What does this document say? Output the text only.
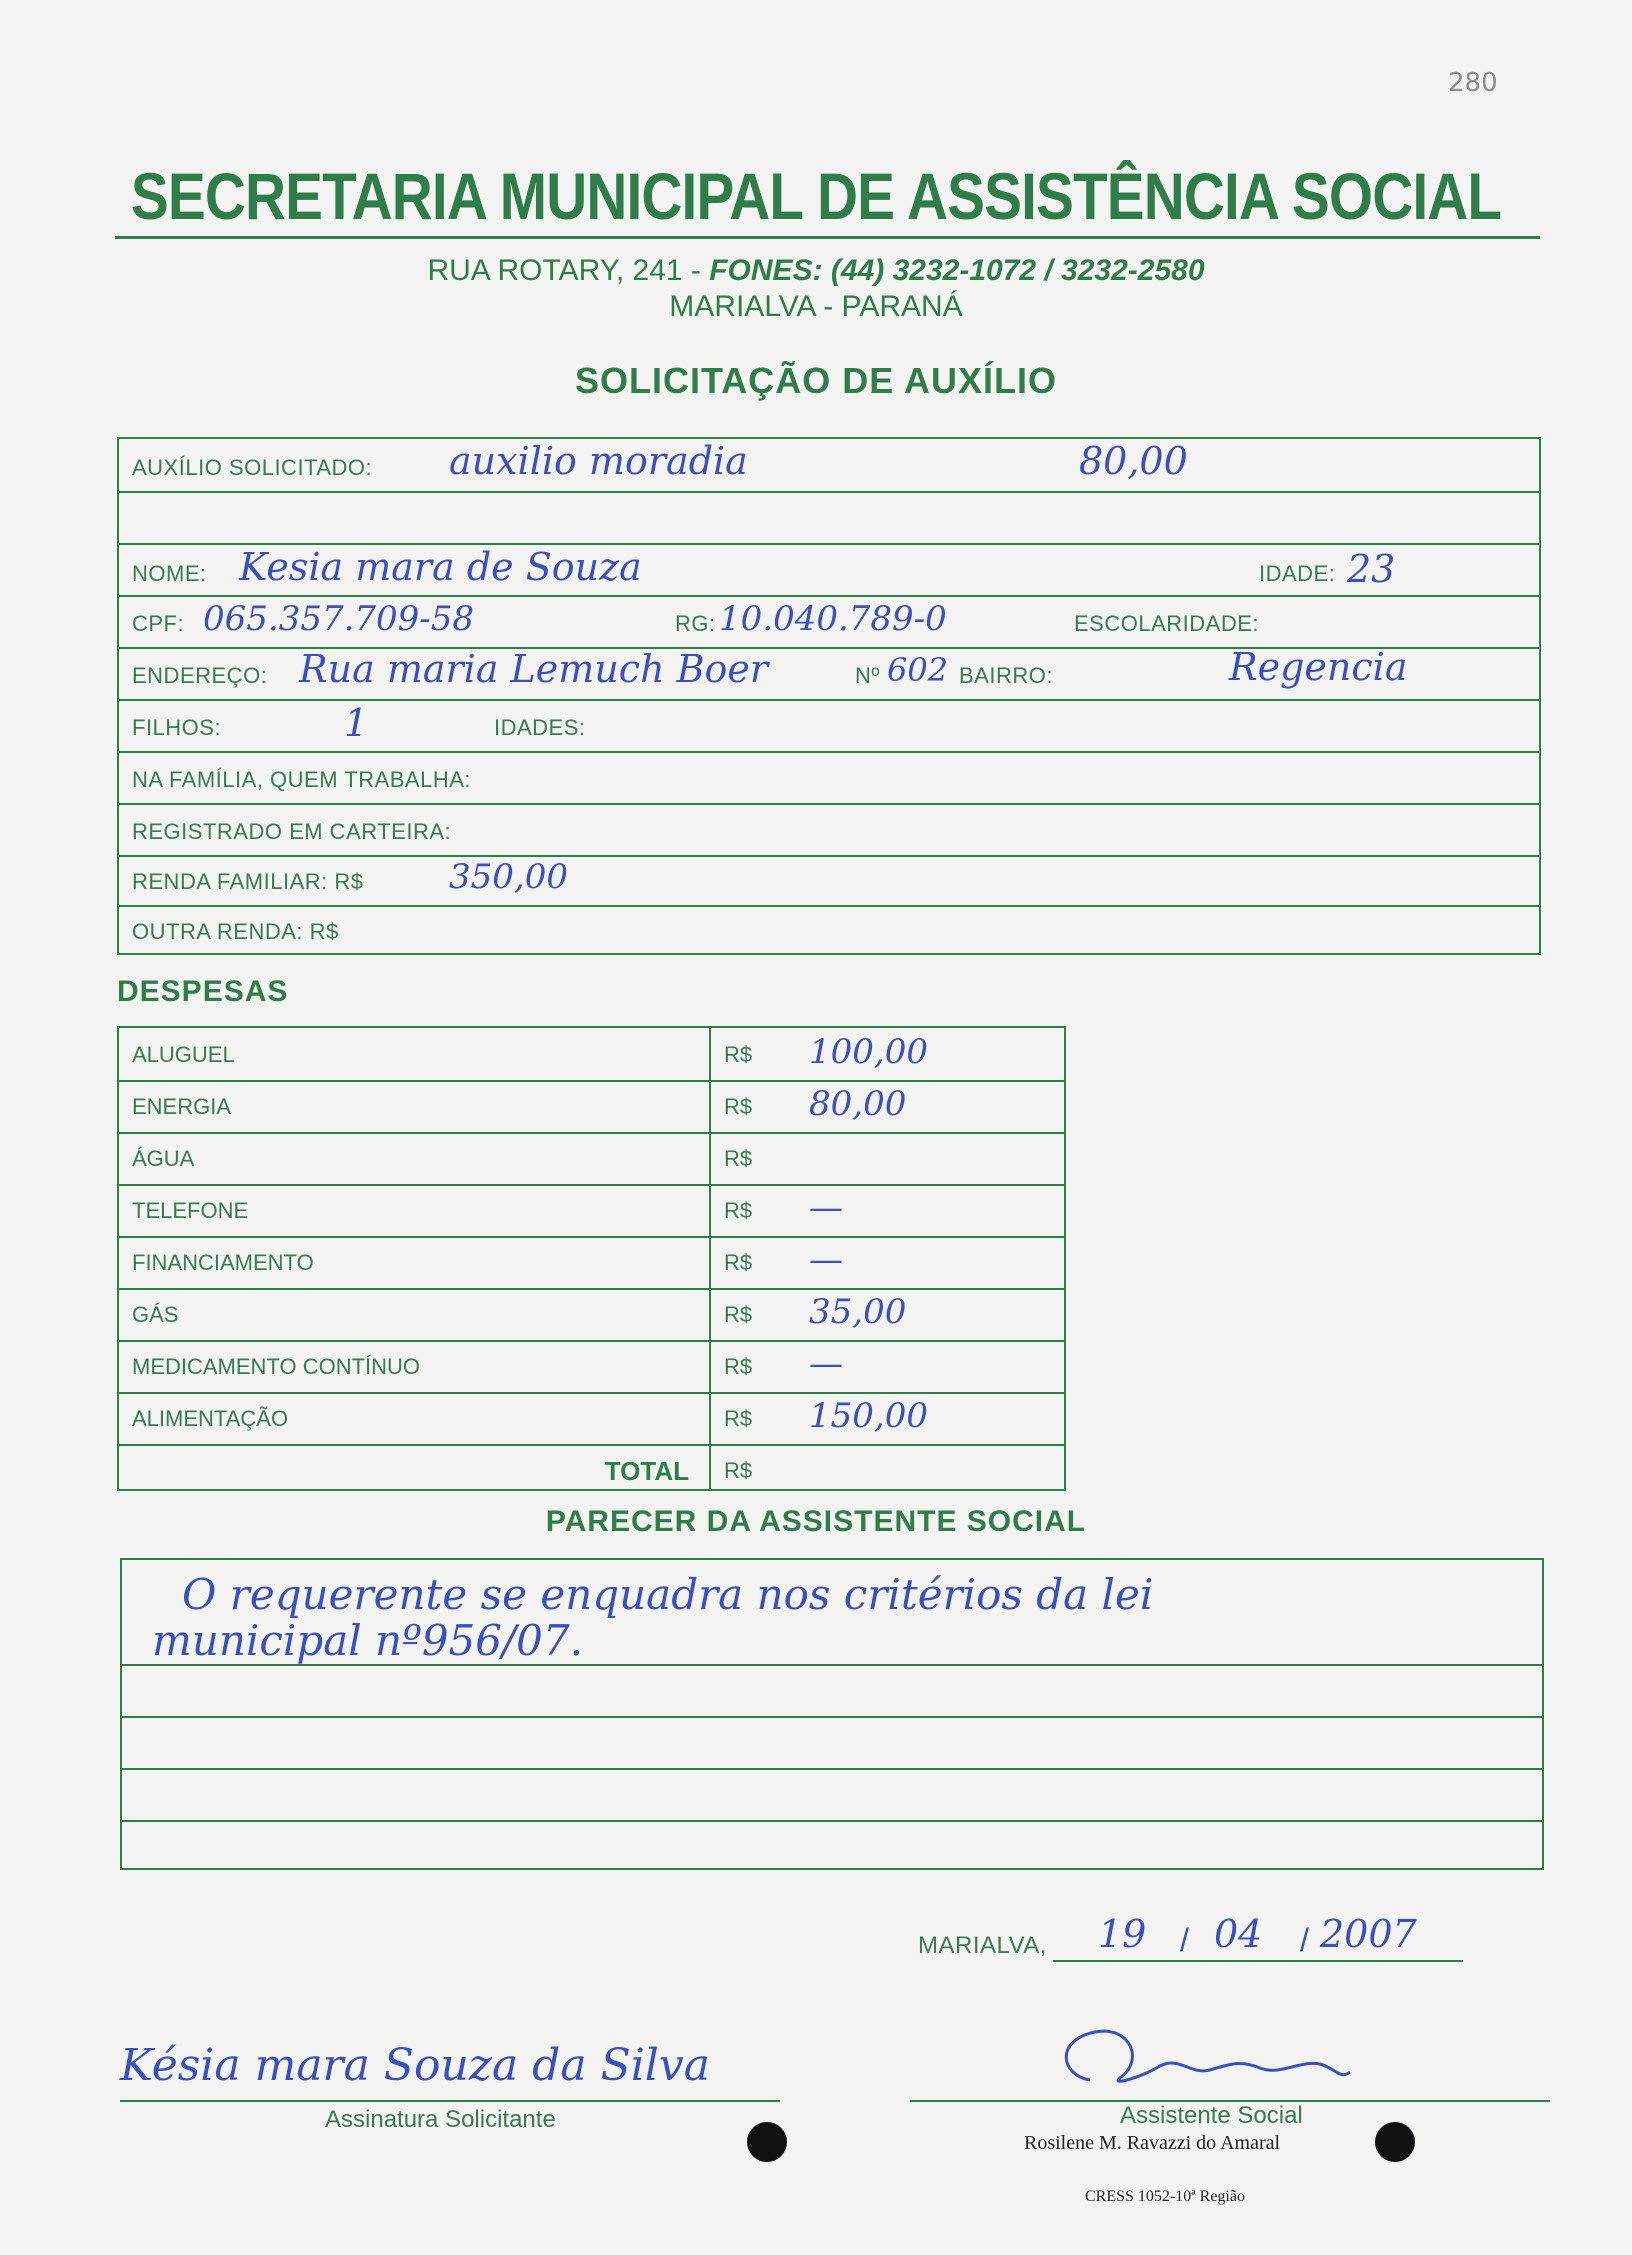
280
SECRETARIA MUNICIPAL DE ASSISTÊNCIA SOCIAL
RUA ROTARY, 241 - FONES: (44) 3232-1072 / 3232-2580
MARIALVA - PARANÁ
SOLICITAÇÃO DE AUXÍLIO
AUXÍLIO SOLICITADO: auxilio moradia	80,00
NOME: Kesia mara de Souza	IDADE: 23
CPF: 065.357.709-58	RG: 10.040.789-0	ESCOLARIDADE:
ENDEREÇO: Rua maria Lemuch Boer	Nº 602 BAIRRO:	Regencia
FILHOS:	1	IDADES:
NA FAMÍLIA, QUEM TRABALHA:
REGISTRADO EM CARTEIRA:
RENDA FAMILIAR: R$	350,00
OUTRA RENDA: R$
DESPESAS
ALUGUEL	R$ 100,00
ENERGIA	R$ 80,00
ÁGUA	R$
TELEFONE	R$ —
FINANCIAMENTO	R$ —
GÁS	R$ 35,00
MEDICAMENTO CONTÍNUO	R$ —
ALIMENTAÇÃO	R$ 150,00
TOTAL R$
PARECER DA ASSISTENTE SOCIAL
O requerente se enquadra nos critérios da lei
municipal nº956/07.
MARIALVA, 19 / 04 / 2007
Késia mara Souza da Silva
Assinatura Solicitante	Assistente Social
Rosilene M. Ravazzi do Amaral
CRESS 1052-10ª Região
